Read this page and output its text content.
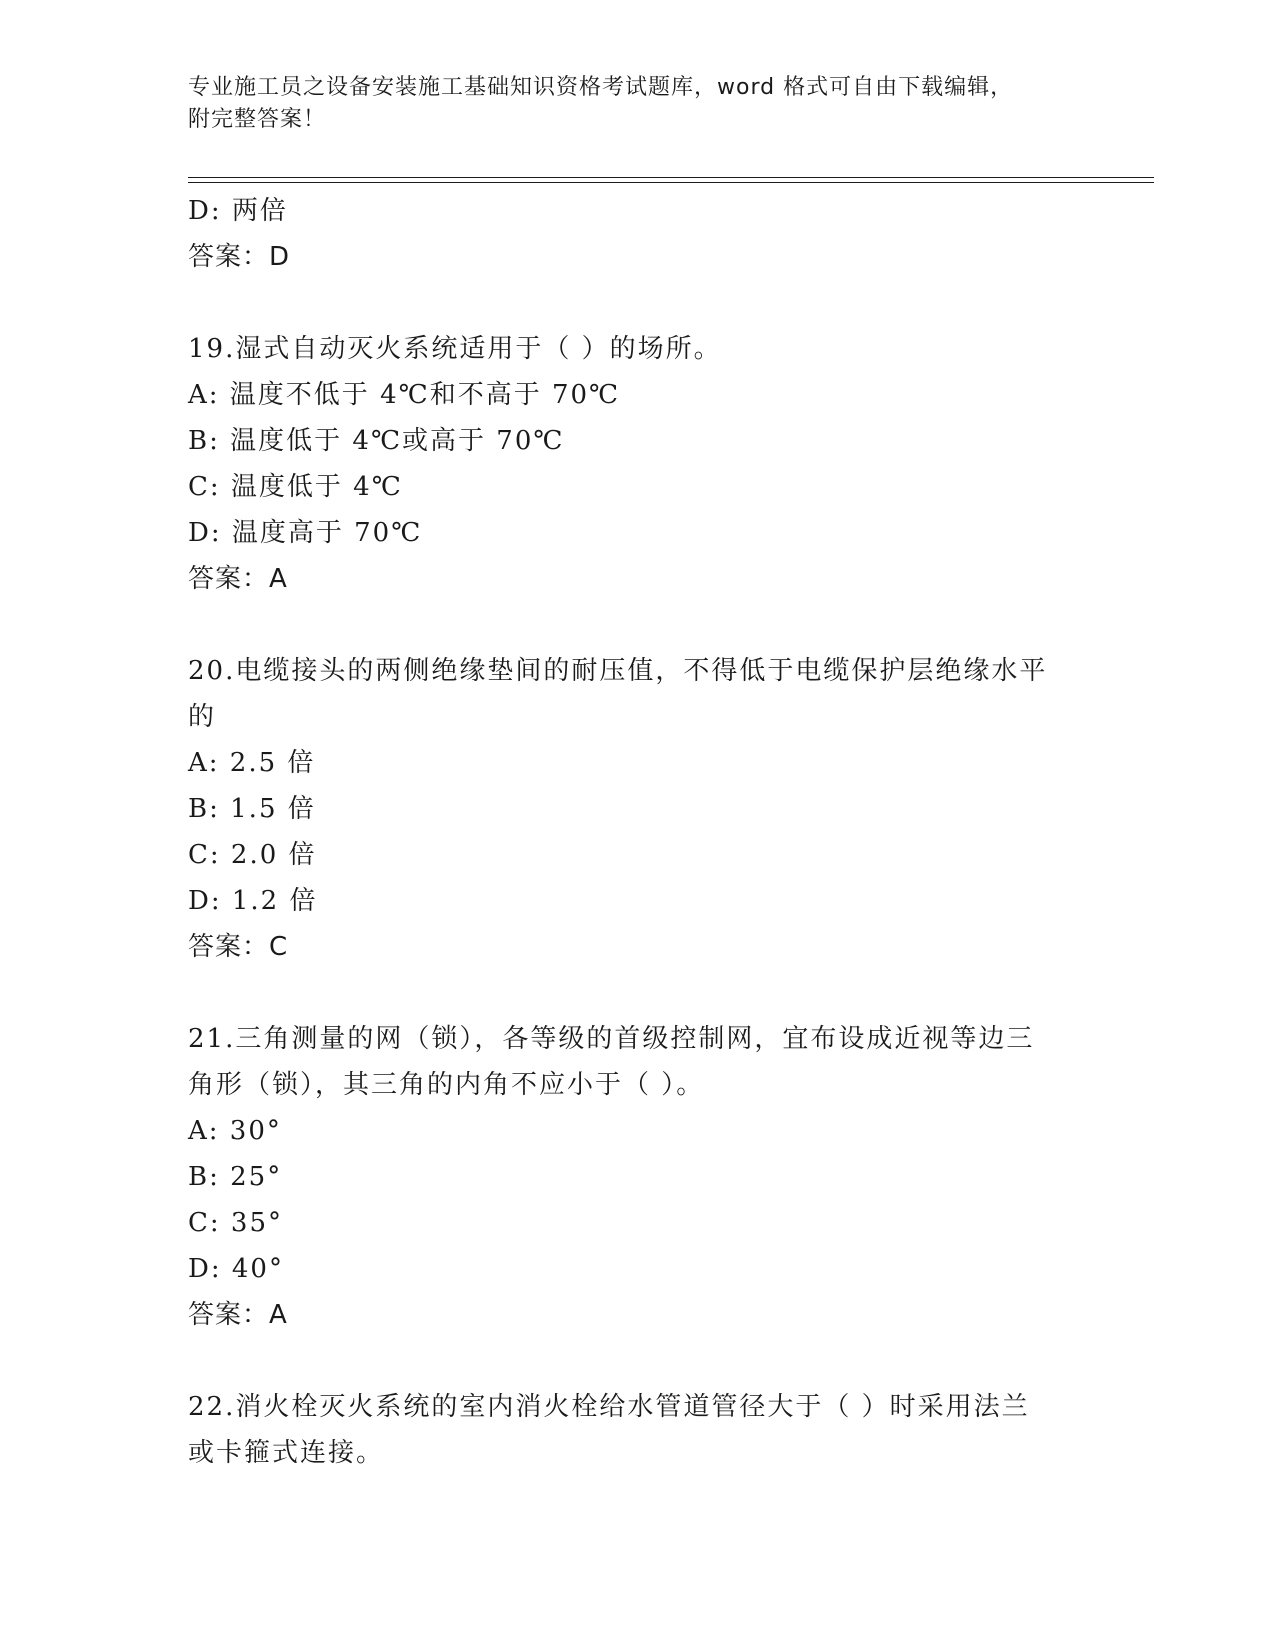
专业施工员之设备安装施工基础知识资格考试题库，word 格式可自由下载编辑，
附完整答案！
D: 两倍
答案：D
19.湿式自动灭火系统适用于（ ）的场所。
A: 温度不低于 4℃和不高于 70℃
B: 温度低于 4℃或高于 70℃
C: 温度低于 4℃
D: 温度高于 70℃
答案：A
20.电缆接头的两侧绝缘垫间的耐压值，不得低于电缆保护层绝缘水平
的
A: 2.5 倍
B: 1.5 倍
C: 2.0 倍
D: 1.2 倍
答案：C
21.三角测量的网（锁），各等级的首级控制网，宜布设成近视等边三
角形（锁），其三角的内角不应小于（ ）。
A: 30°
B: 25°
C: 35°
D: 40°
答案：A
22.消火栓灭火系统的室内消火栓给水管道管径大于（ ）时采用法兰
或卡箍式连接。
